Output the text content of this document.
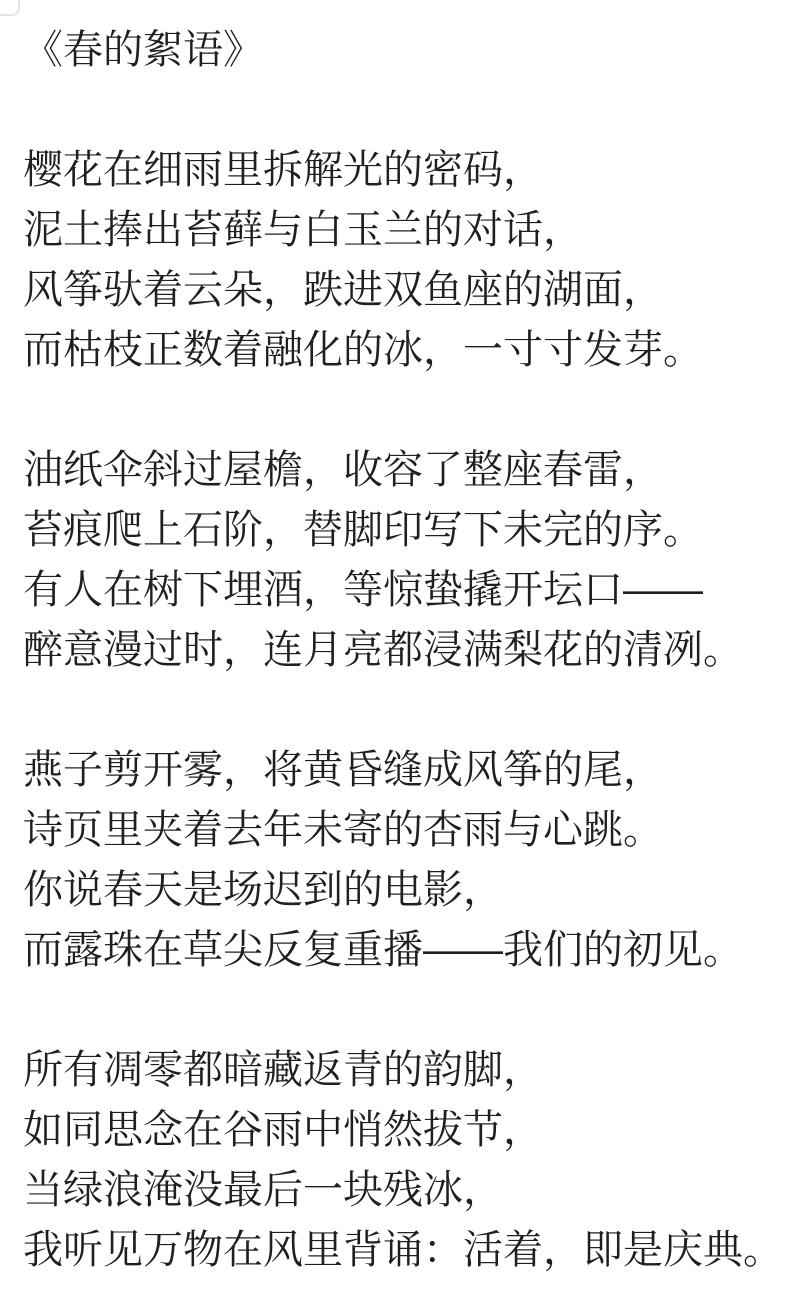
《春的絮语》

樱花在细雨里拆解光的密码，

泥土捧出苔藓与白玉兰的对话，

风筝驮着云朵，跌进双鱼座的湖面，

而枯枝正数着融化的冰，一寸寸发芽。

油纸伞斜过屋檐，收容了整座春雷，

苔痕爬上石阶，替脚印写下未完的序。

有人在树下埋酒，等惊蛰撬开坛口——

醉意漫过时，连月亮都浸满梨花的清冽。

燕子剪开雾，将黄昏缝成风筝的尾，

诗页里夹着去年未寄的杏雨与心跳。

你说春天是场迟到的电影，

而露珠在草尖反复重播——我们的初见。

所有凋零都暗藏返青的韵脚，

如同思念在谷雨中悄然拔节，

当绿浪淹没最后一块残冰，

我听见万物在风里背诵：活着，即是庆典。
